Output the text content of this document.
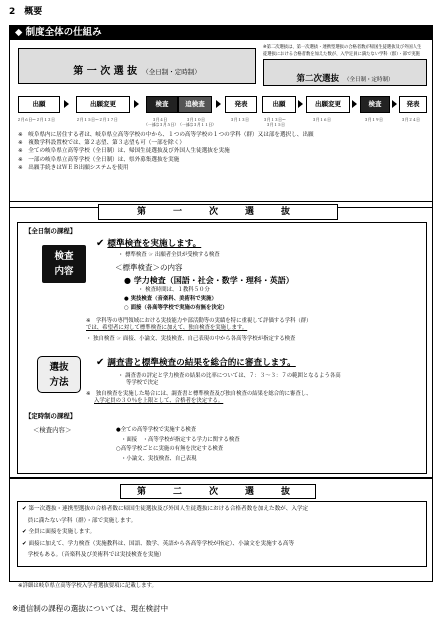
2　概要
◆ 制度全体の仕組み
第 一 次 選 抜 （全日制・定時制）
※第二次選抜は、第一次選抜・連携型選抜の合格者数が帰国生徒選抜及び外国人生
徒選抜における合格者数を加えた数が、入学定員に満たない学科（群）・部で実施
第二次選抜 （全日制・定時制）
出願	出願変更	検査	追検査	発表
２月６日～２月１２日	２月１５日～２月１７日	３月４日
（一部は３月５日）
３月１０日
（一部は３月１１日）
３月１３日
出願	出願変更	検査	発表
３月１３日～
３月１５日
３月１６日	３月１９日	３月２４日
※　岐阜県内に居住する者は、岐阜県立高等学校の中から、１つの高等学校の１つの学科（群）又は部を選択し、出願
※　複数学科設置校では、第２志望、第３志望も可（一部を除く）
※　全ての岐阜県立高等学校（全日制）は、帰国生徒選抜及び外国人生徒選抜を実施
※　一部の岐阜県立高等学校（全日制）は、県外募集選抜を実施
※　出願手続きはＷＥＢ出願システムを使用
第　一　次　選　抜
【全日制の課程】
検査
内容
✔ 標準検査を実施します。
・ 標準検査 ☞ 出願者全員が受検する検査
＜標準検査＞の内容
● 学力検査（国語・社会・数学・理科・英語）
・ 検査時間は、１教科５０分
● 実技検査（音楽科、美術科で実施）
○ 面接（各高等学校で実施の有無を決定）
※　学科等の専門領域における実技能力や部活動等の実績を特に重視して評価する学科（群）
では、希望者に対して標準検査に加えて、独自検査を実施します。
・ 独自検査 ☞ 面接、小論文、実技検査、自己表現の中から各高等学校が指定する検査
選抜
方法
✔ 調査書と標準検査の結果を総合的に審査します。
・ 調査書の評定と学力検査の結果の比率については、７：３～３：７の範囲となるよう各高
等学校で決定
※　独自検査を実施した場合には、調査書と標準検査及び独自検査の結果を総合的に審査し、
入学定員の３０％を上限として、合格者を決定する。
【定時制の課程】
＜検査内容＞	●全ての高等学校で実施する検査
・面接　・高等学校が指定する学力に関する検査
○高等学校ごとに実施の有無を決定する検査
・小論文、実技検査、自己表現
第　二　次　選　抜
✔ 第一次選抜・連携型選抜の合格者数に帰国生徒選抜及び外国人生徒選抜における合格者数を加えた数が、入学定
　員に満たない学科（群）・部で実施します。
✔ 全員に面接を実施します。
✔ 面接に加えて、学力検査（実施教科は、国語、数学、英語から各高等学校が指定）、小論文を実施する高等
　学校もある。（音楽科及び美術科では実技検査を実施）
※詳細は岐阜県立高等学校入学者選抜要項に記載します。
※通信制の課程の選抜については、現在検討中
